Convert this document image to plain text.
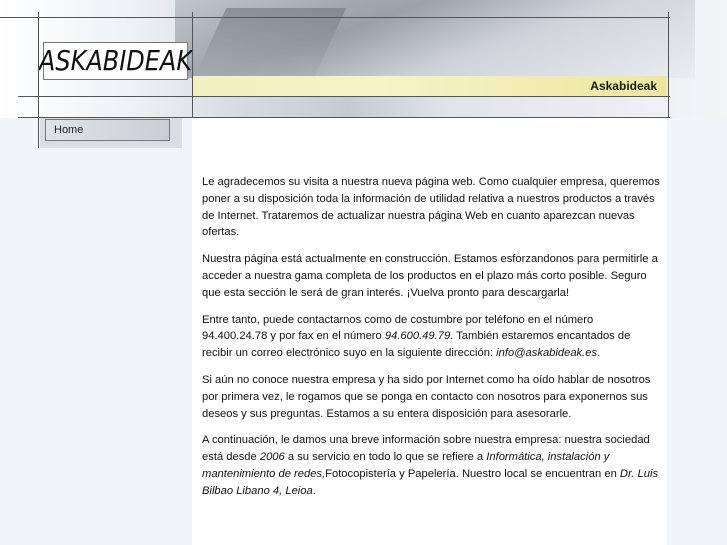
Askabideak
ASKABIDEAK
Home

Le agradecemos su visita a nuestra nueva página web. Como cualquier empresa, queremos poner a su disposición toda la información de utilidad relativa a nuestros productos a través de Internet. Trataremos de actualizar nuestra página Web en cuanto aparezcan nuevas ofertas.

Nuestra página está actualmente en construcción. Estamos esforzandonos para permitirle a acceder a nuestra gama completa de los productos en el plazo más corto posible. Seguro que esta sección le será de gran interés. ¡Vuelva pronto para descargarla!

Entre tanto, puede contactarnos como de costumbre por teléfono en el número 94.400.24.78 y por fax en el número 94.600.49.79. También estaremos encantados de recibir un correo electrónico suyo en la siguiente dirección: info@askabideak.es.

Si aún no conoce nuestra empresa y ha sido por Internet como ha oído hablar de nosotros por primera vez, le rogamos que se ponga en contacto con nosotros para exponernos sus deseos y sus preguntas. Estamos a su entera disposición para asesorarle.

A continuación, le damos una breve información sobre nuestra empresa: nuestra sociedad está desde 2006 a su servicio en todo lo que se refiere a Informática, instalación y mantenimiento de redes,Fotocopistería y Papelería. Nuestro local se encuentran en Dr. Luis Bilbao Libano 4, Leioa.
